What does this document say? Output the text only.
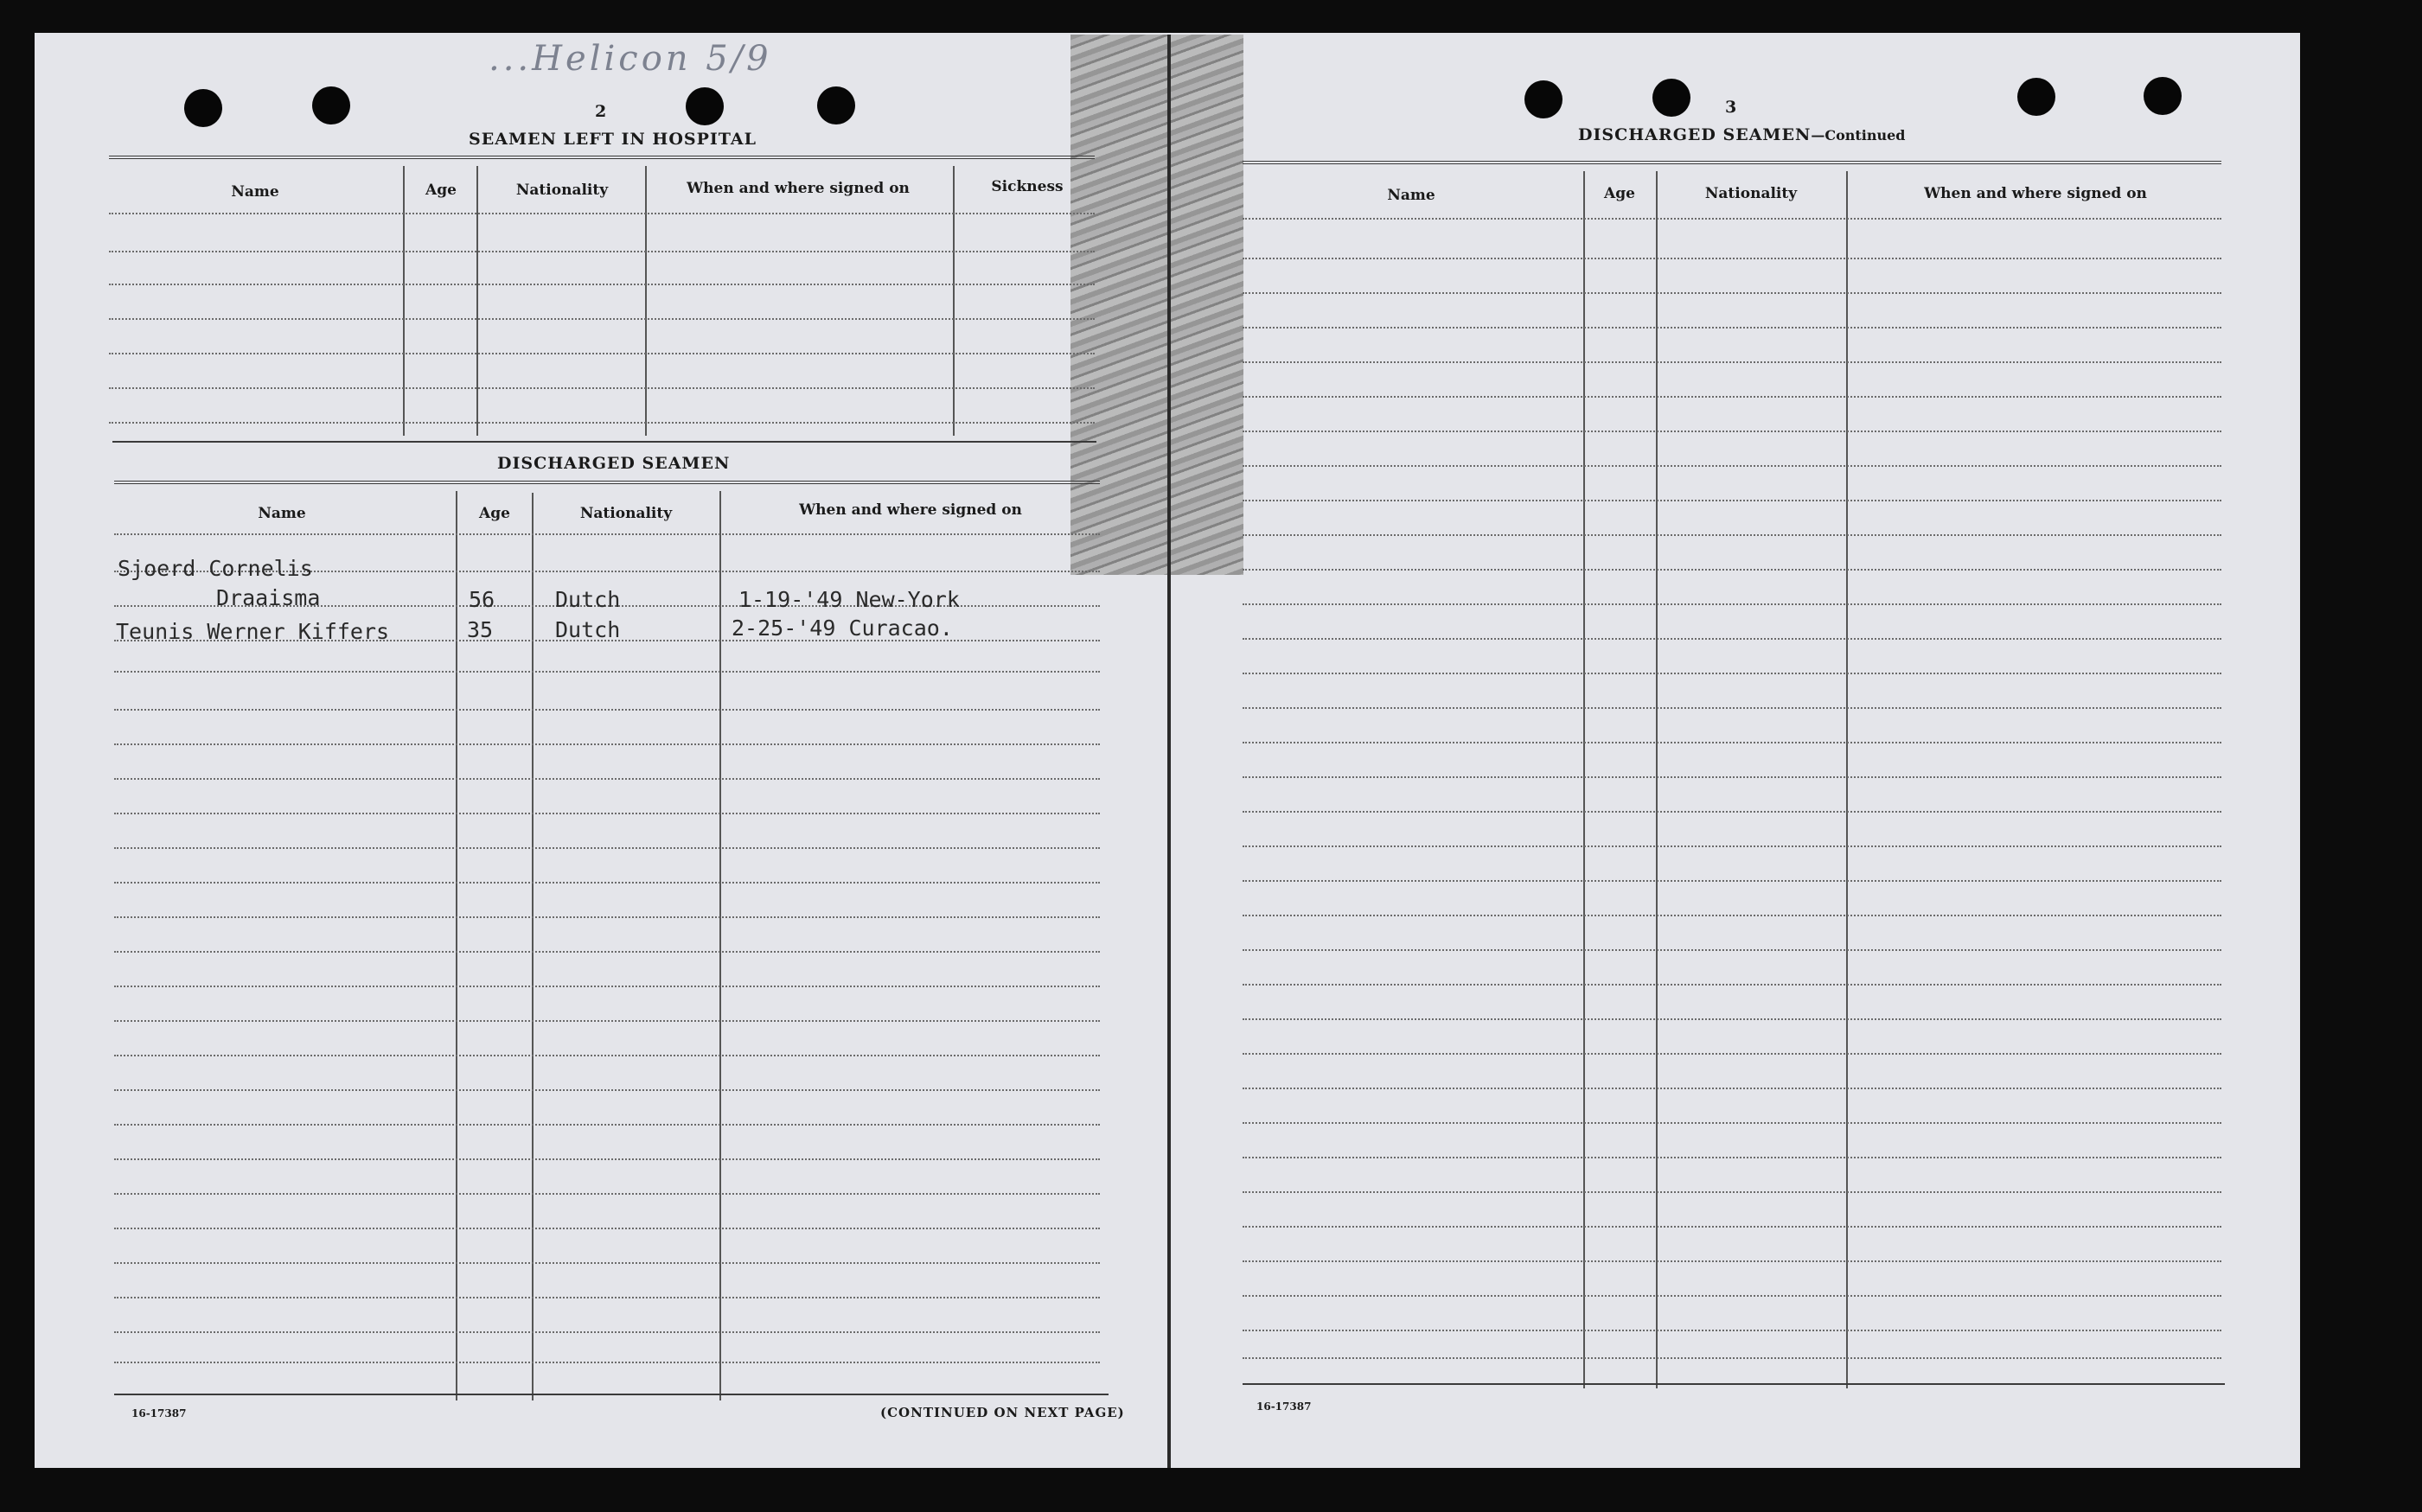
...Helicon 5/9
2
SEAMEN LEFT IN HOSPITAL
Name	Age	Nationality	When and where signed on	Sickness
DISCHARGED SEAMEN
Name	Age	Nationality	When and where signed on
Sjoerd Cornelis
Draaisma	56	Dutch	1-19-'49 New-York
Teunis Werner Kiffers	35	Dutch	2-25-'49 Curacao.
16-17387	(CONTINUED ON NEXT PAGE)
3
DISCHARGED SEAMEN—Continued
Name	Age	Nationality	When and where signed on
16-17387
